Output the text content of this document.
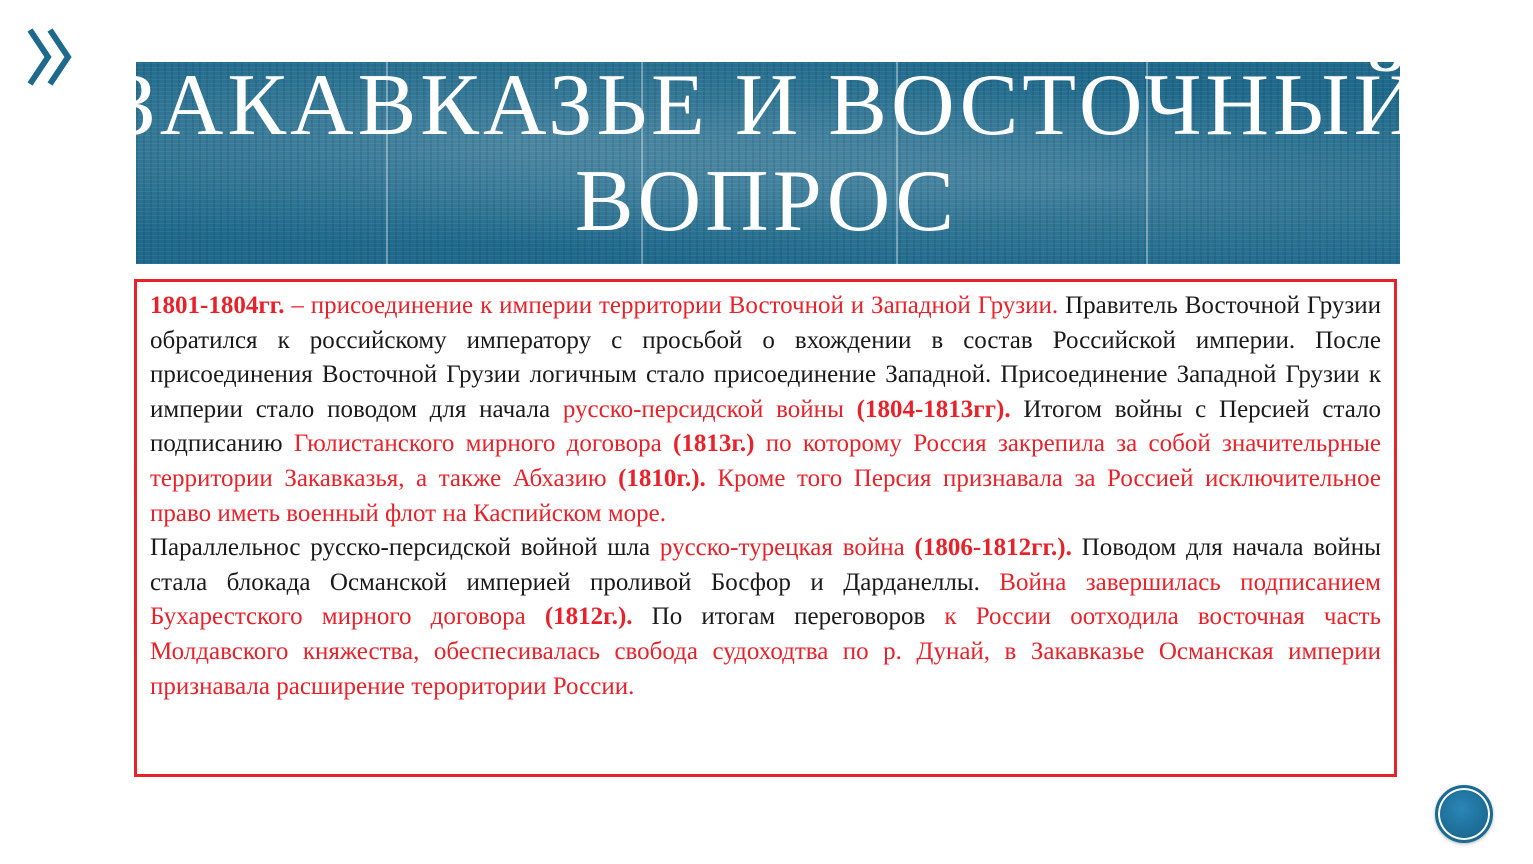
ЗАКАВКАЗЬЕ И ВОСТОЧНЫЙ ВОПРОС

1801-1804гг. – присоединение к империи территории Восточной и Западной Грузии. Правитель Восточной Грузии обратился к российскому императору с просьбой о вхождении в состав Российской империи. После присоединения Восточной Грузии логичным стало присоединение Западной. Присоединение Западной Грузии к империи стало поводом для начала русско-персидской войны (1804-1813гг). Итогом войны с Персией стало подписанию Гюлистанского мирного договора (1813г.) по которому Россия закрепила за собой значительрные территории Закавказья, а также Абхазию (1810г.). Кроме того Персия признавала за Россией исключительное право иметь военный флот на Каспийском море.

Параллельнос русско-персидской войной шла русско-турецкая война (1806-1812гг.). Поводом для начала войны стала блокада Османской империей проливой Босфор и Дарданеллы. Война завершилась подписанием Бухарестского мирного договора (1812г.). По итогам переговоров к России оотходила восточная часть Молдавского княжества, обеспесивалась свобода судоходтва по р. Дунай, в Закавказье Османская империи признавала расширение тероритории России.
